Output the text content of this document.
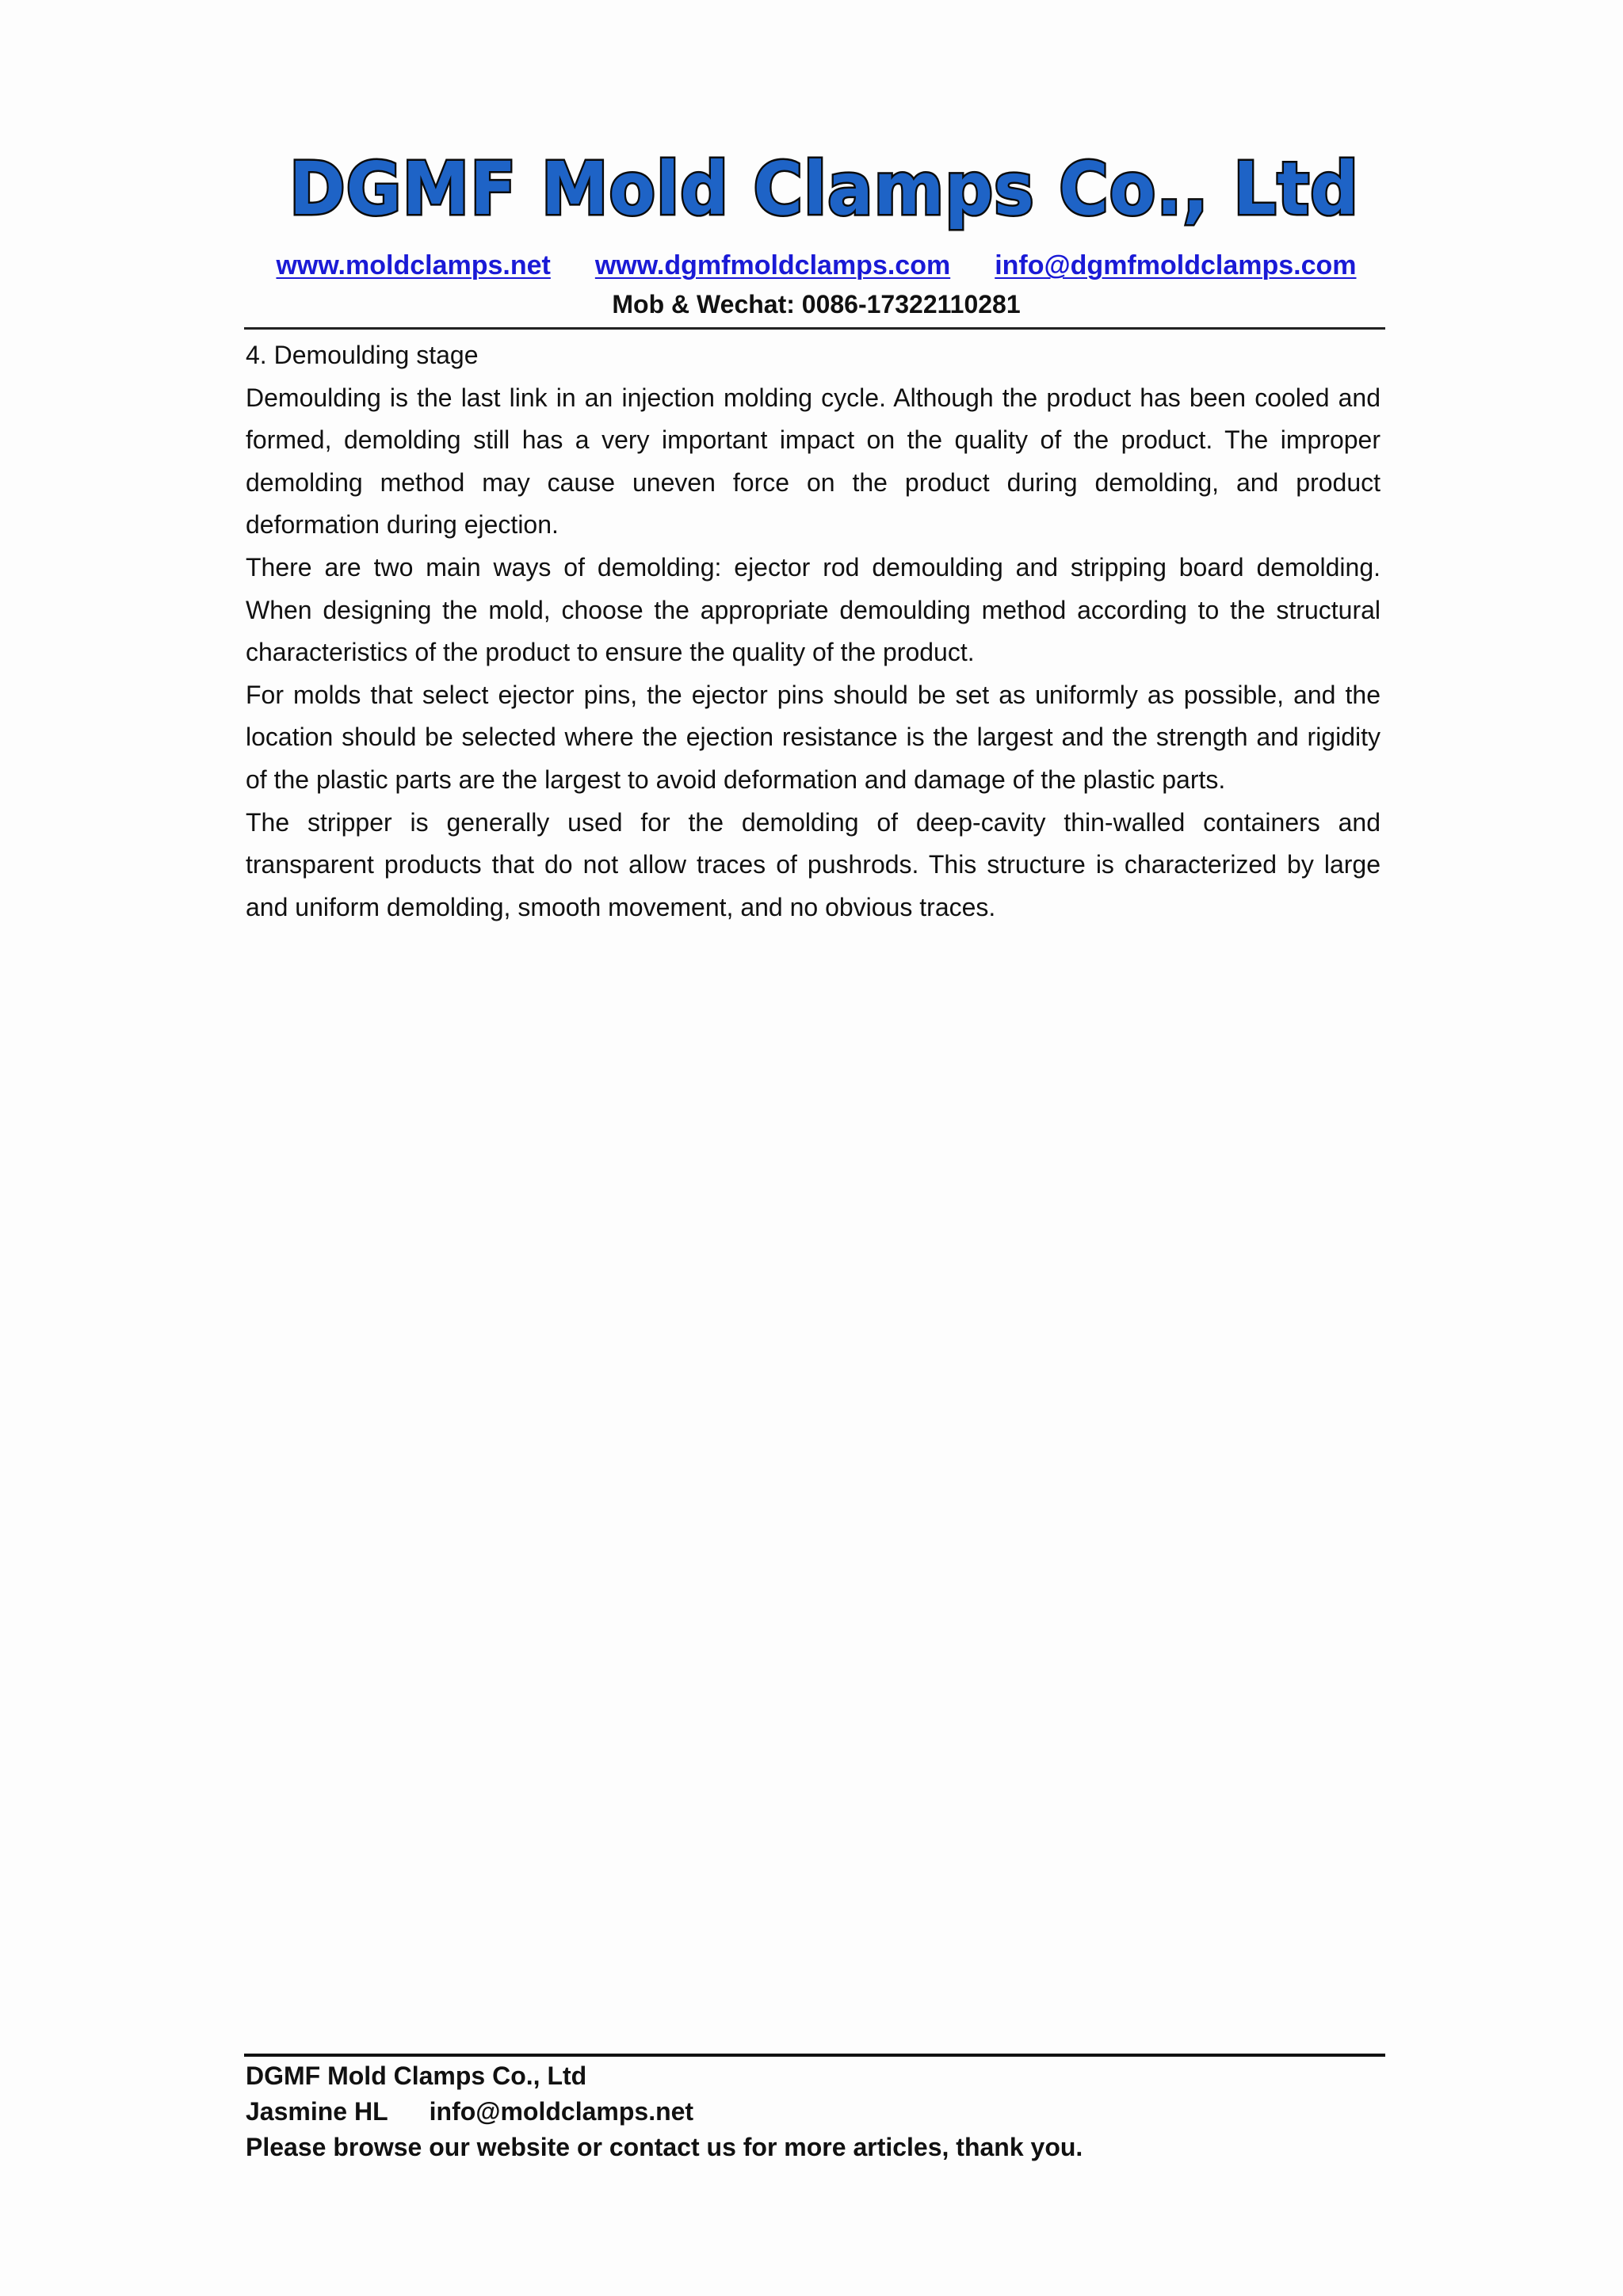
DGMF Mold Clamps Co., Ltd
www.moldclamps.net www.dgmfmoldclamps.com info@dgmfmoldclamps.com
Mob & Wechat: 0086-17322110281

4. Demoulding stage

Demoulding is the last link in an injection molding cycle. Although the product has been cooled and formed, demolding still has a very important impact on the quality of the product. The improper demolding method may cause uneven force on the product during demolding, and product deformation during ejection.

There are two main ways of demolding: ejector rod demoulding and stripping board demolding. When designing the mold, choose the appropriate demoulding method according to the structural characteristics of the product to ensure the quality of the product.

For molds that select ejector pins, the ejector pins should be set as uniformly as possible, and the location should be selected where the ejection resistance is the largest and the strength and rigidity of the plastic parts are the largest to avoid deformation and damage of the plastic parts.

The stripper is generally used for the demolding of deep-cavity thin-walled containers and transparent products that do not allow traces of pushrods. This structure is characterized by large and uniform demolding, smooth movement, and no obvious traces.

DGMF Mold Clamps Co., Ltd
Jasmine HL info@moldclamps.net
Please browse our website or contact us for more articles, thank you.
